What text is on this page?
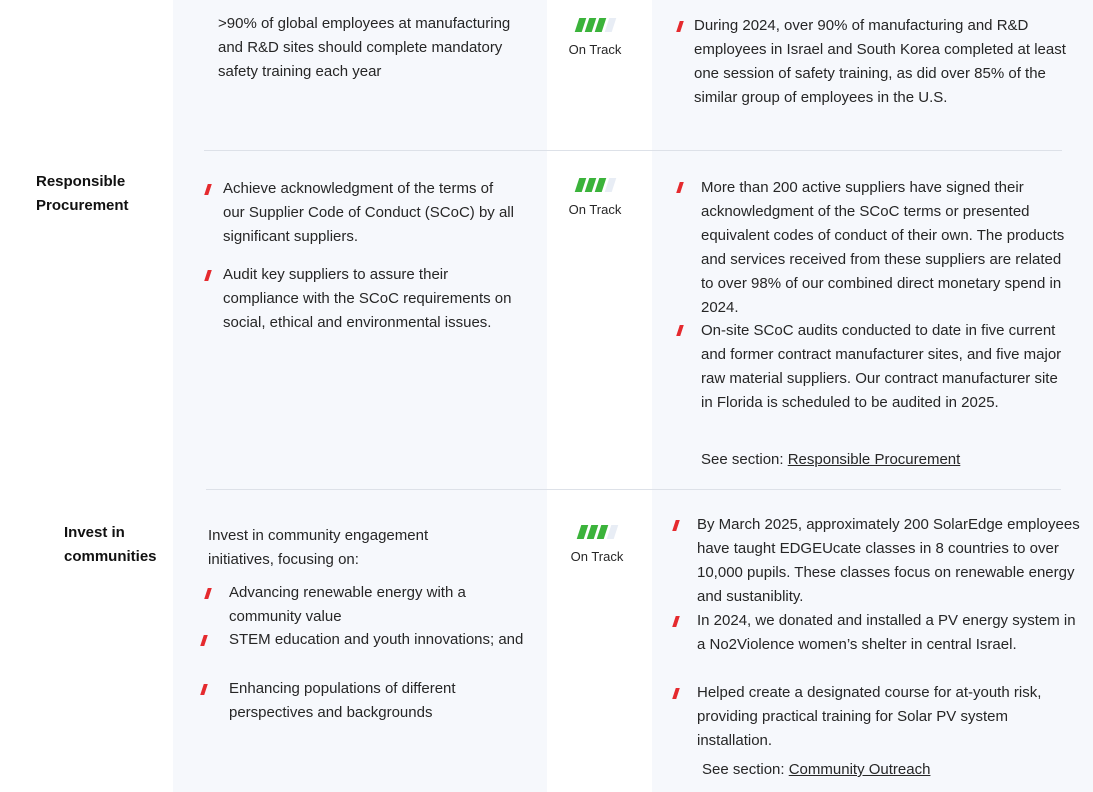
>90% of global employees at manufacturing and R&D sites should complete mandatory safety training each year
On Track
During 2024, over 90% of manufacturing and R&D employees in Israel and South Korea completed at least one session of safety training, as did over 85% of the similar group of employees in the U.S.
Responsible Procurement
Achieve acknowledgment of the terms of our Supplier Code of Conduct (SCoC) by all significant suppliers.
Audit key suppliers to assure their compliance with the SCoC requirements on social, ethical and environmental issues.
On Track
More than 200 active suppliers have signed their acknowledgment of the SCoC terms or presented equivalent codes of conduct of their own. The products and services received from these suppliers are related to over 98% of our combined direct monetary spend in 2024.
On-site SCoC audits conducted to date in five current and former contract manufacturer sites, and five major raw material suppliers. Our contract manufacturer site in Florida is scheduled to be audited in 2025.
See section: Responsible Procurement
Invest in communities
Invest in community engagement initiatives, focusing on:
Advancing renewable energy with a community value
STEM education and youth innovations; and
Enhancing populations of different perspectives and backgrounds
On Track
By March 2025, approximately 200 SolarEdge employees have taught EDGEUcate classes in 8 countries to over 10,000 pupils. These classes focus on renewable energy and sustaniblity.
In 2024, we donated and installed a PV energy system in a No2Violence women’s shelter in central Israel.
Helped create a designated course for at-youth risk, providing practical training for Solar PV system installation.
See section: Community Outreach
